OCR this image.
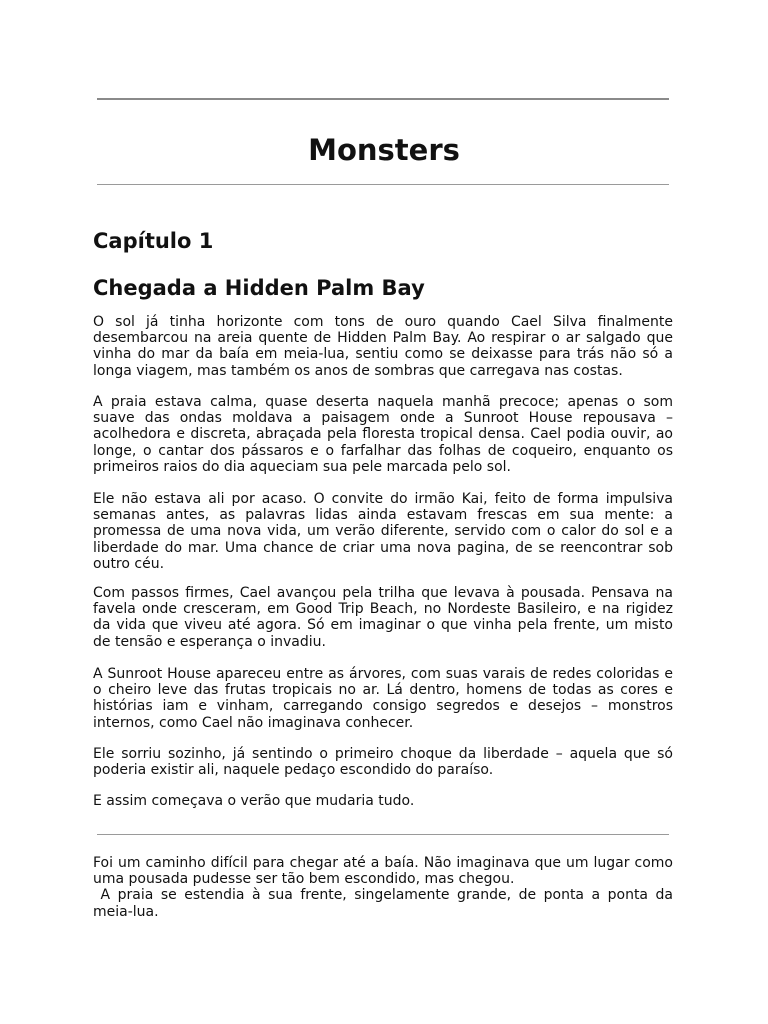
Monsters
Capítulo 1
Chegada a Hidden Palm Bay

O sol já tinha horizonte com tons de ouro quando Cael Silva finalmente desembarcou na areia quente de Hidden Palm Bay. Ao respirar o ar salgado que vinha do mar da baía em meia-lua, sentiu como se deixasse para trás não só a longa viagem, mas também os anos de sombras que carregava nas costas.

A praia estava calma, quase deserta naquela manhã precoce; apenas o som suave das ondas moldava a paisagem onde a Sunroot House repousava – acolhedora e discreta, abraçada pela floresta tropical densa. Cael podia ouvir, ao longe, o cantar dos pássaros e o farfalhar das folhas de coqueiro, enquanto os primeiros raios do dia aqueciam sua pele marcada pelo sol.

Ele não estava ali por acaso. O convite do irmão Kai, feito de forma impulsiva semanas antes, as palavras lidas ainda estavam frescas em sua mente: a promessa de uma nova vida, um verão diferente, servido com o calor do sol e a liberdade do mar. Uma chance de criar uma nova pagina, de se reencontrar sob outro céu.

Com passos firmes, Cael avançou pela trilha que levava à pousada. Pensava na favela onde cresceram, em Good Trip Beach, no Nordeste Basileiro, e na rigidez da vida que viveu até agora. Só em imaginar o que vinha pela frente, um misto de tensão e esperança o invadiu.

A Sunroot House apareceu entre as árvores, com suas varais de redes coloridas e o cheiro leve das frutas tropicais no ar. Lá dentro, homens de todas as cores e histórias iam e vinham, carregando consigo segredos e desejos – monstros internos, como Cael não imaginava conhecer.

Ele sorriu sozinho, já sentindo o primeiro choque da liberdade – aquela que só poderia existir ali, naquele pedaço escondido do paraíso.

E assim começava o verão que mudaria tudo.

Foi um caminho difícil para chegar até a baía. Não imaginava que um lugar como uma pousada pudesse ser tão bem escondido, mas chegou.
A praia se estendia à sua frente, singelamente grande, de ponta a ponta da meia-lua.
